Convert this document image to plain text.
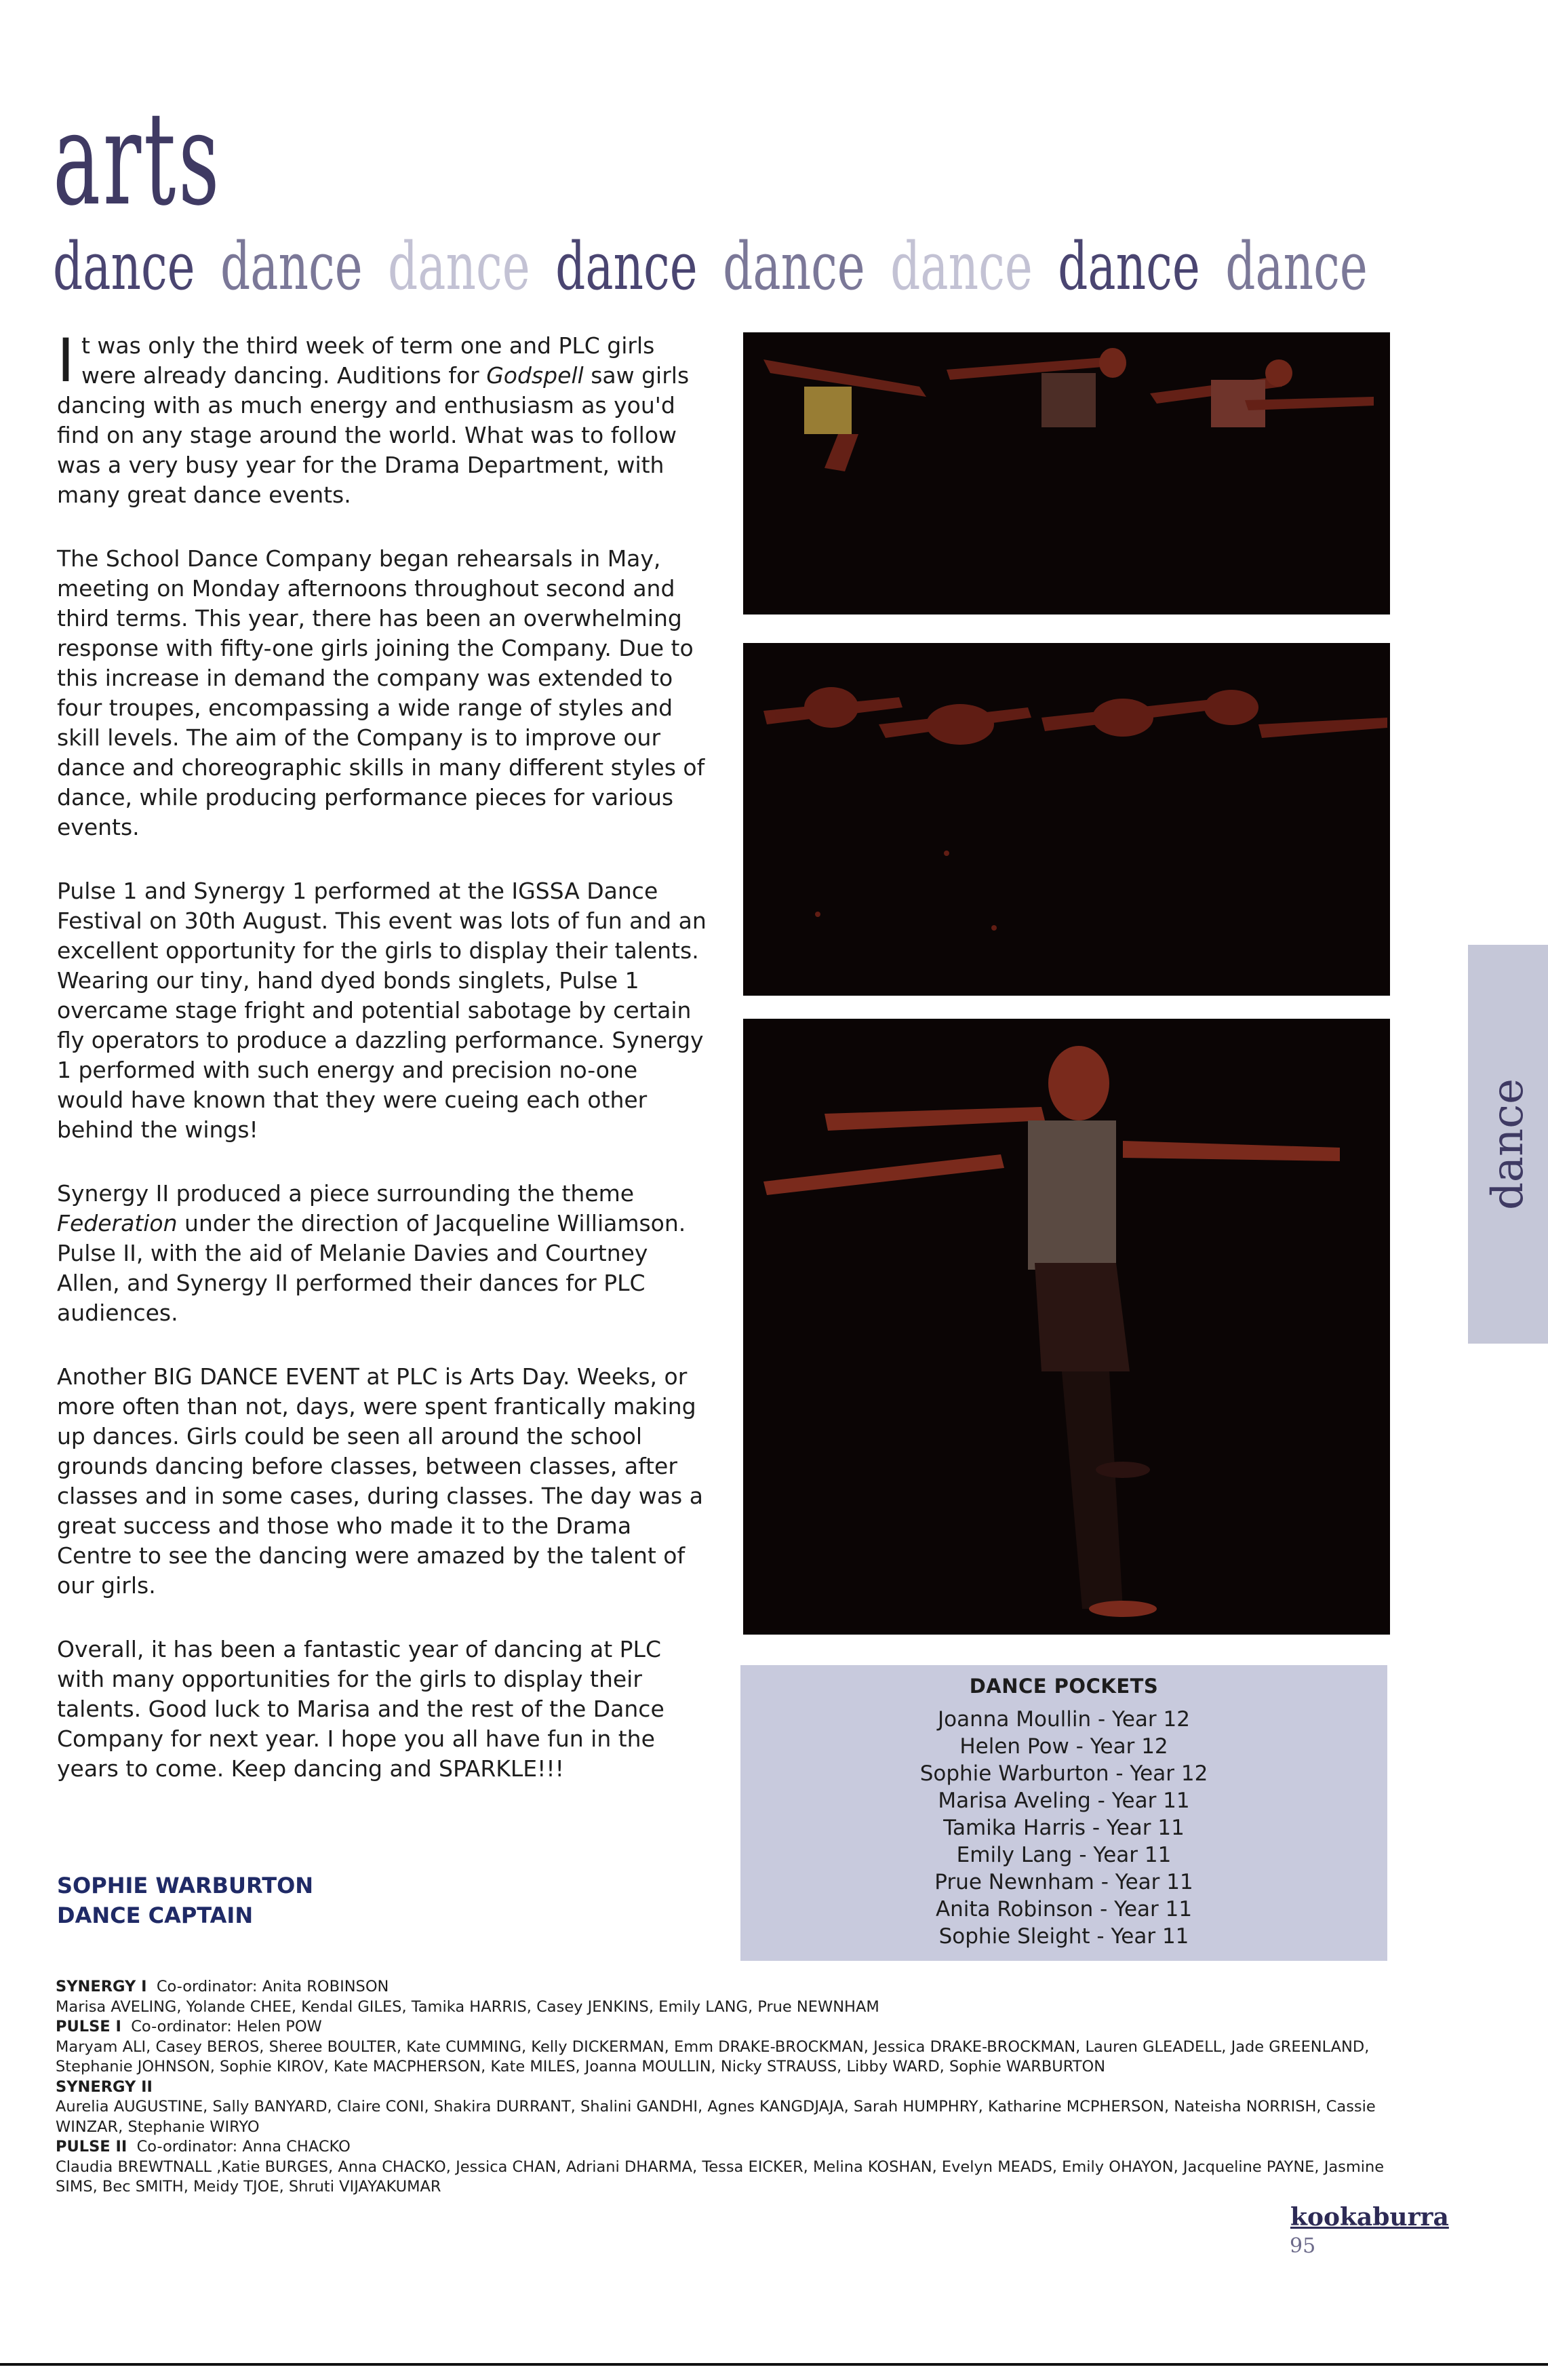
arts
dance dance dance dance dance dance dance dance

It was only the third week of term one and PLC girls were already dancing. Auditions for Godspell saw girls dancing with as much energy and enthusiasm as you'd find on any stage around the world. What was to follow was a very busy year for the Drama Department, with many great dance events.

The School Dance Company began rehearsals in May, meeting on Monday afternoons throughout second and third terms. This year, there has been an overwhelming response with fifty-one girls joining the Company. Due to this increase in demand the company was extended to four troupes, encompassing a wide range of styles and skill levels. The aim of the Company is to improve our dance and choreographic skills in many different styles of dance, while producing performance pieces for various events.

Pulse 1 and Synergy 1 performed at the IGSSA Dance Festival on 30th August. This event was lots of fun and an excellent opportunity for the girls to display their talents. Wearing our tiny, hand dyed bonds singlets, Pulse 1 overcame stage fright and potential sabotage by certain fly operators to produce a dazzling performance. Synergy 1 performed with such energy and precision no-one would have known that they were cueing each other behind the wings!

Synergy II produced a piece surrounding the theme Federation under the direction of Jacqueline Williamson. Pulse II, with the aid of Melanie Davies and Courtney Allen, and Synergy II performed their dances for PLC audiences.

Another BIG DANCE EVENT at PLC is Arts Day. Weeks, or more often than not, days, were spent frantically making up dances. Girls could be seen all around the school grounds dancing before classes, between classes, after classes and in some cases, during classes. The day was a great success and those who made it to the Drama Centre to see the dancing were amazed by the talent of our girls.

Overall, it has been a fantastic year of dancing at PLC with many opportunities for the girls to display their talents. Good luck to Marisa and the rest of the Dance Company for next year. I hope you all have fun in the years to come. Keep dancing and SPARKLE!!!

SOPHIE WARBURTON
DANCE CAPTAIN
DANCE POCKETS
Joanna Moullin - Year 12
Helen Pow - Year 12
Sophie Warburton - Year 12
Marisa Aveling - Year 11
Tamika Harris - Year 11
Emily Lang - Year 11
Prue Newnham - Year 11
Anita Robinson - Year 11
Sophie Sleight - Year 11
dance
SYNERGY I Co-ordinator: Anita ROBINSON
Marisa AVELING, Yolande CHEE, Kendal GILES, Tamika HARRIS, Casey JENKINS, Emily LANG, Prue NEWNHAM
PULSE I Co-ordinator: Helen POW
Maryam ALI, Casey BEROS, Sheree BOULTER, Kate CUMMING, Kelly DICKERMAN, Emm DRAKE-BROCKMAN, Jessica DRAKE-BROCKMAN, Lauren GLEADELL, Jade GREENLAND, Stephanie JOHNSON, Sophie KIROV, Kate MACPHERSON, Kate MILES, Joanna MOULLIN, Nicky STRAUSS, Libby WARD, Sophie WARBURTON
SYNERGY II
Aurelia AUGUSTINE, Sally BANYARD, Claire CONI, Shakira DURRANT, Shalini GANDHI, Agnes KANGDJAJA, Sarah HUMPHRY, Katharine MCPHERSON, Nateisha NORRISH, Cassie WINZAR, Stephanie WIRYO
PULSE II Co-ordinator: Anna CHACKO
Claudia BREWTNALL ,Katie BURGES, Anna CHACKO, Jessica CHAN, Adriani DHARMA, Tessa EICKER, Melina KOSHAN, Evelyn MEADS, Emily OHAYON, Jacqueline PAYNE, Jasmine SIMS, Bec SMITH, Meidy TJOE, Shruti VIJAYAKUMAR
kookaburra
95
